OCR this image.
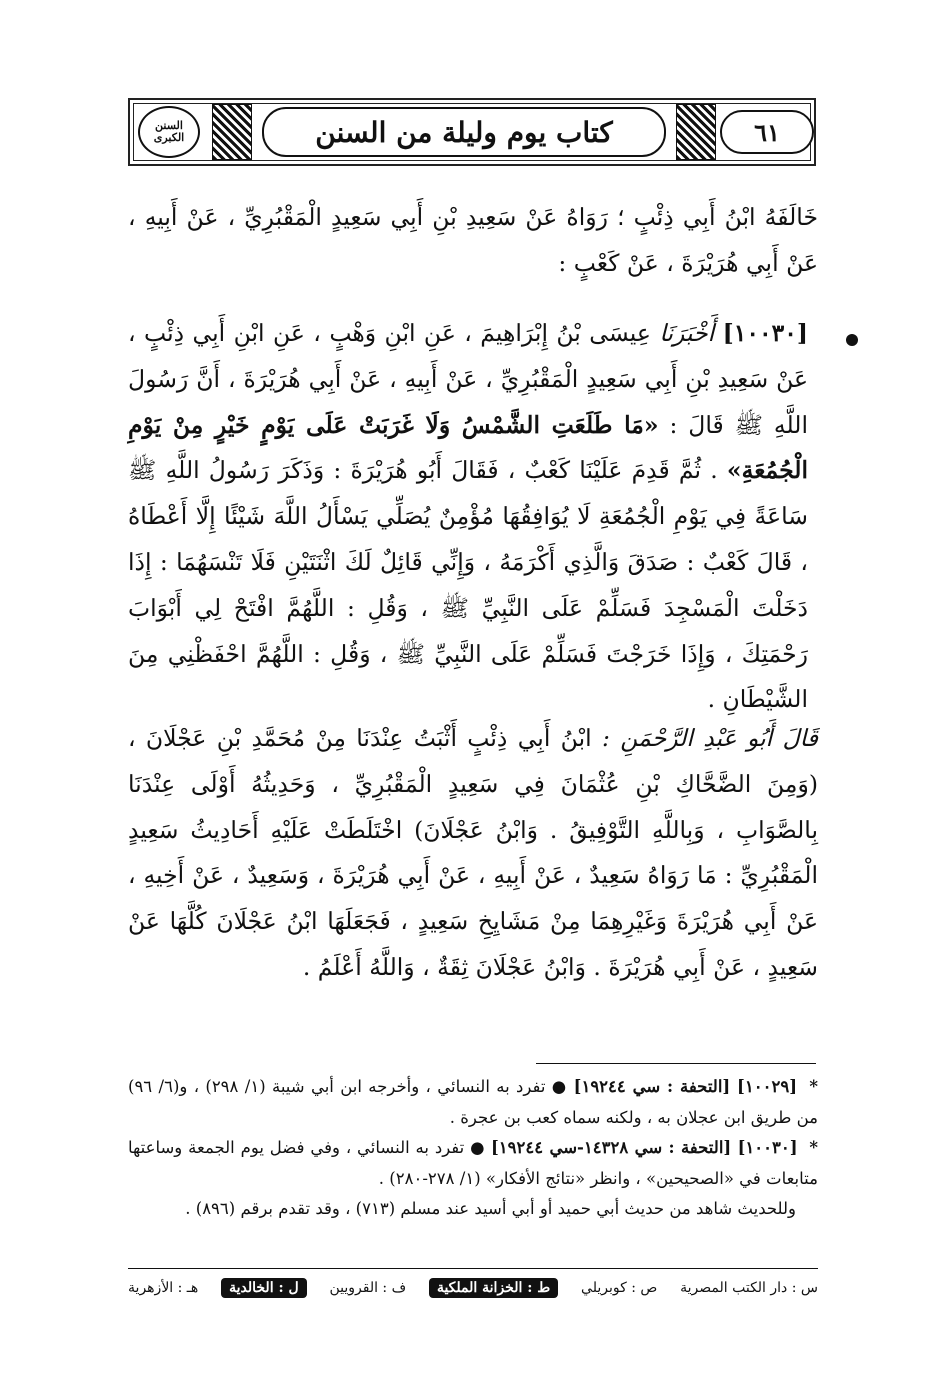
السنن
الكبرى	كتاب يوم وليلة من السنن	٦١

خَالَفَهُ ابْنُ أَبِي ذِئْبٍ ؛ رَوَاهُ عَنْ سَعِيدِ بْنِ أَبِي سَعِيدٍ الْمَقْبُرِيِّ ، عَنْ أَبِيهِ ، عَنْ أَبِي هُرَيْرَةَ ، عَنْ كَعْبٍ :

[١٠٠٣٠] أَخْبَرَنَا عِيسَى بْنُ إِبْرَاهِيمَ ، عَنِ ابْنِ وَهْبٍ ، عَنِ ابْنِ أَبِي ذِئْبٍ ، عَنْ سَعِيدِ بْنِ أَبِي سَعِيدٍ الْمَقْبُرِيِّ ، عَنْ أَبِيهِ ، عَنْ أَبِي هُرَيْرَةَ ، أَنَّ رَسُولَ اللَّهِ ﷺ قَالَ : «مَا طَلَعَتِ الشَّمْسُ وَلَا غَرَبَتْ عَلَى يَوْمٍ خَيْرٍ مِنْ يَوْمِ الْجُمُعَةِ» . ثُمَّ قَدِمَ عَلَيْنَا كَعْبٌ ، فَقَالَ أَبُو هُرَيْرَةَ : وَذَكَرَ رَسُولُ اللَّهِ ﷺ سَاعَةً فِي يَوْمِ الْجُمُعَةِ لَا يُوَافِقُهَا مُؤْمِنٌ يُصَلِّي يَسْأَلُ اللَّهَ شَيْئًا إِلَّا أَعْطَاهُ ، قَالَ كَعْبٌ : صَدَقَ وَالَّذِي أَكْرَمَهُ ، وَإِنِّي قَائِلٌ لَكَ اثْنَتَيْنِ فَلَا تَنْسَهُمَا : إِذَا دَخَلْتَ الْمَسْجِدَ فَسَلِّمْ عَلَى النَّبِيِّ ﷺ ، وَقُلِ : اللَّهُمَّ افْتَحْ لِي أَبْوَابَ رَحْمَتِكَ ، وَإِذَا خَرَجْتَ فَسَلِّمْ عَلَى النَّبِيِّ ﷺ ، وَقُلِ : اللَّهُمَّ احْفَظْنِي مِنَ الشَّيْطَانِ .

قَالَ أَبُو عَبْدِ الرَّحْمَنِ : ابْنُ أَبِي ذِئْبٍ أَثْبَتُ عِنْدَنَا مِنْ مُحَمَّدِ بْنِ عَجْلَانَ ، (وَمِنَ الضَّحَّاكِ بْنِ عُثْمَانَ فِي سَعِيدٍ الْمَقْبُرِيِّ ، وَحَدِيثُهُ أَوْلَى عِنْدَنَا بِالصَّوَابِ ، وَبِاللَّهِ التَّوْفِيقُ . وَابْنُ عَجْلَانَ) اخْتَلَطَتْ عَلَيْهِ أَحَادِيثُ سَعِيدٍ الْمَقْبُرِيِّ : مَا رَوَاهُ سَعِيدٌ ، عَنْ أَبِيهِ ، عَنْ أَبِي هُرَيْرَةَ ، وَسَعِيدٌ ، عَنْ أَخِيهِ ، عَنْ أَبِي هُرَيْرَةَ وَغَيْرِهِمَا مِنْ مَشَايِخِ سَعِيدٍ ، فَجَعَلَهَا ابْنُ عَجْلَانَ كُلَّهَا عَنْ سَعِيدٍ ، عَنْ أَبِي هُرَيْرَةَ . وَابْنُ عَجْلَانَ ثِقَةٌ ، وَاللَّهُ أَعْلَمُ .

* [١٠٠٢٩] [التحفة : سي ١٩٢٤٤] ● تفرد به النسائي ، وأخرجه ابن أبي شيبة (١/ ٢٩٨) ، و(٦/ ٩٦) من طريق ابن عجلان به ، ولكنه سماه كعب بن عجرة .

* [١٠٠٣٠] [التحفة : سي ١٤٣٢٨-سي ١٩٢٤٤] ● تفرد به النسائي ، وفي فضل يوم الجمعة وساعتها متابعات في «الصحيحين» ، وانظر «نتائج الأفكار» (١/ ٢٧٨-٢٨٠) .

وللحديث شاهد من حديث أبي حميد أو أبي أسيد عند مسلم (٧١٣) ، وقد تقدم برقم (٨٩٦) .

س : دار الكتب المصرية
ص : كوبريلي
ط : الخزانة الملكية
ف : القرويين
ل : الخالدية
هـ : الأزهرية
